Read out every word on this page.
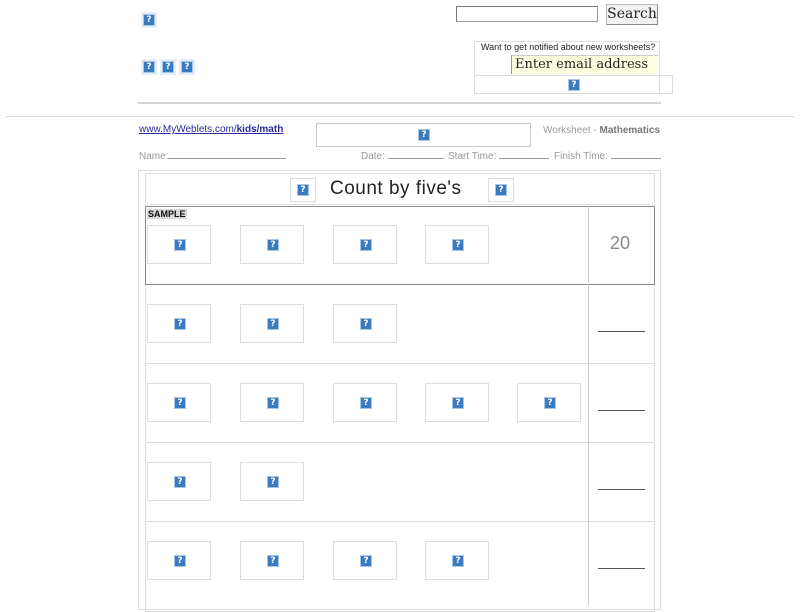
?
?	?	?
Search
Want to get notified about new worksheets?
Enter email address
?
www.MyWeblets.com/kids/math	?	Worksheet - Mathematics
Name:	Date:	Start Time:	Finish Time:
? Count by five's	?
SAMPLE
?	?	?	?	20
?	?	?
?	?	?	?	?
?	?
?	?	?	?
